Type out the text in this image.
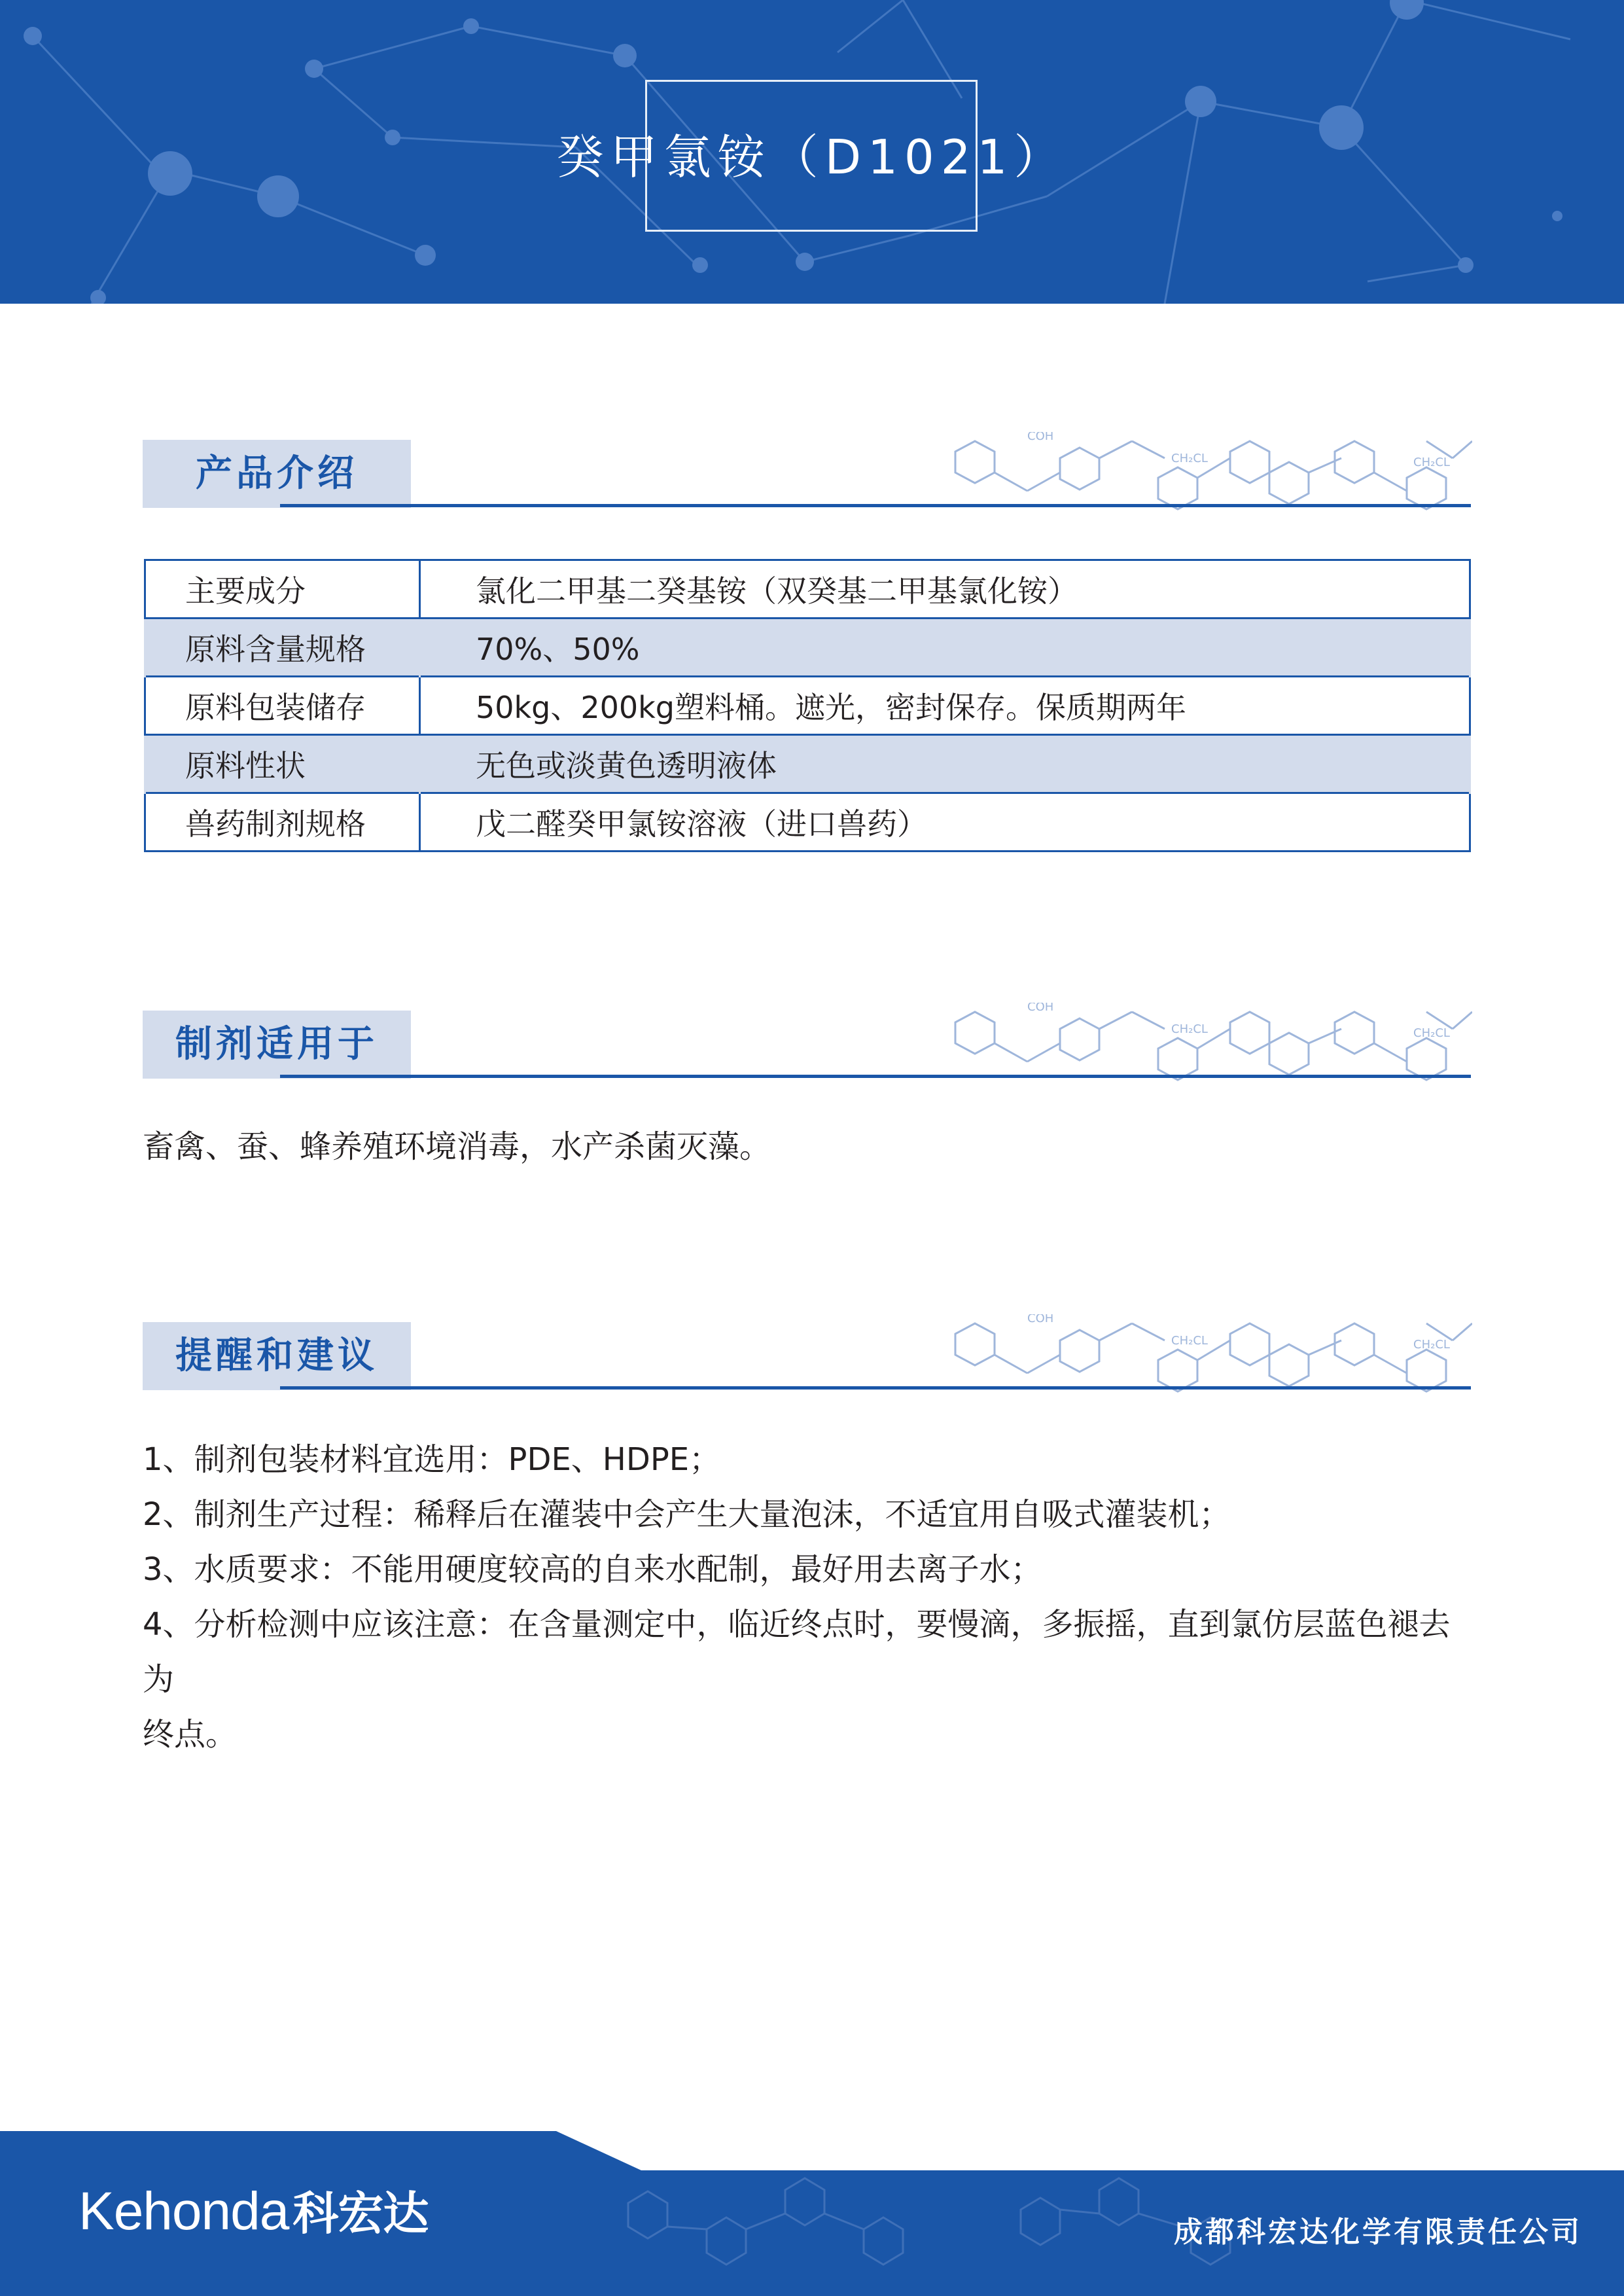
癸甲氯铵（D1021）
CH₂CL	CH₂CL
COH
产品介绍
主要成分	氯化二甲基二癸基铵（双癸基二甲基氯化铵）
原料含量规格	70%、50%
原料包装储存	50kg、200kg塑料桶。遮光，密封保存。保质期两年
原料性状	无色或淡黄色透明液体
兽药制剂规格	戊二醛癸甲氯铵溶液（进口兽药）
CH₂CL	CH₂CL
COH
制剂适用于
畜禽、蚕、蜂养殖环境消毒，水产杀菌灭藻。
CH₂CL	CH₂CL
COH
提醒和建议
1、制剂包装材料宜选用：PDE、HDPE；
2、制剂生产过程：稀释后在灌装中会产生大量泡沫，不适宜用自吸式灌装机；
3、水质要求：不能用硬度较高的自来水配制，最好用去离子水；
4、分析检测中应该注意：在含量测定中，临近终点时，要慢滴，多振摇，直到氯仿层蓝色褪去为
终点。
Kehonda科宏达	成都科宏达化学有限责任公司
